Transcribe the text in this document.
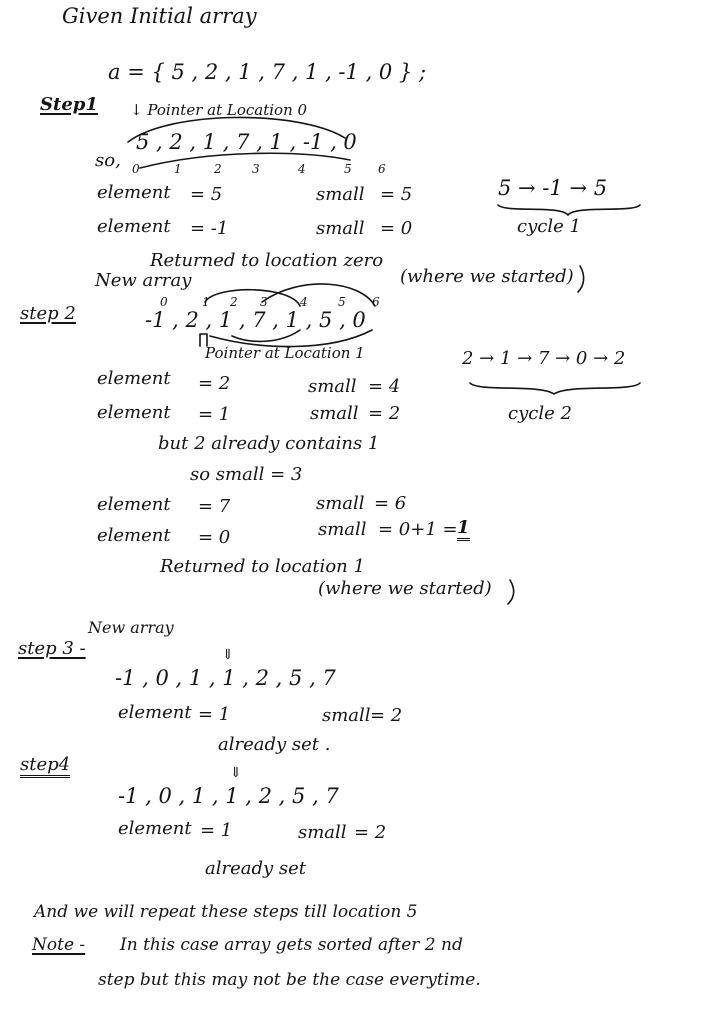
Given Initial array
a = { 5 , 2 , 1 , 7 , 1 , -1 , 0 } ;
Step1 ↓ Pointer at Location 0
so,
5 , 2 , 1 , 7 , 1 , -1 , 0
0	1	2	3	4	5 6
element = 5	small = 5
element = -1	small = 0
5 → -1 → 5
cycle 1
Returned to location zero
(where we started)
New array
step 2
0	1 2 3	4	5 6
-1 , 2 , 1 , 7 , 1 , 5 , 0
Pointer at Location 1	2 → 1 → 7 → 0 → 2
cycle 2
element = 2	small = 4
element = 1	small = 2
but 2 already contains 1
so small = 3
element = 7	small = 6
element = 0	small = 0+1 = 1
Returned to location 1
(where we started)
New array
step 3 -	⇓
-1 , 0 , 1 , 1 , 2 , 5 , 7
element = 1	small = 2
already set .
step4	⇓
-1 , 0 , 1 , 1 , 2 , 5 , 7
element = 1	small = 2
already set
And we will repeat these steps till location 5
Note - In this case array gets sorted after 2 nd
step but this may not be the case everytime.
